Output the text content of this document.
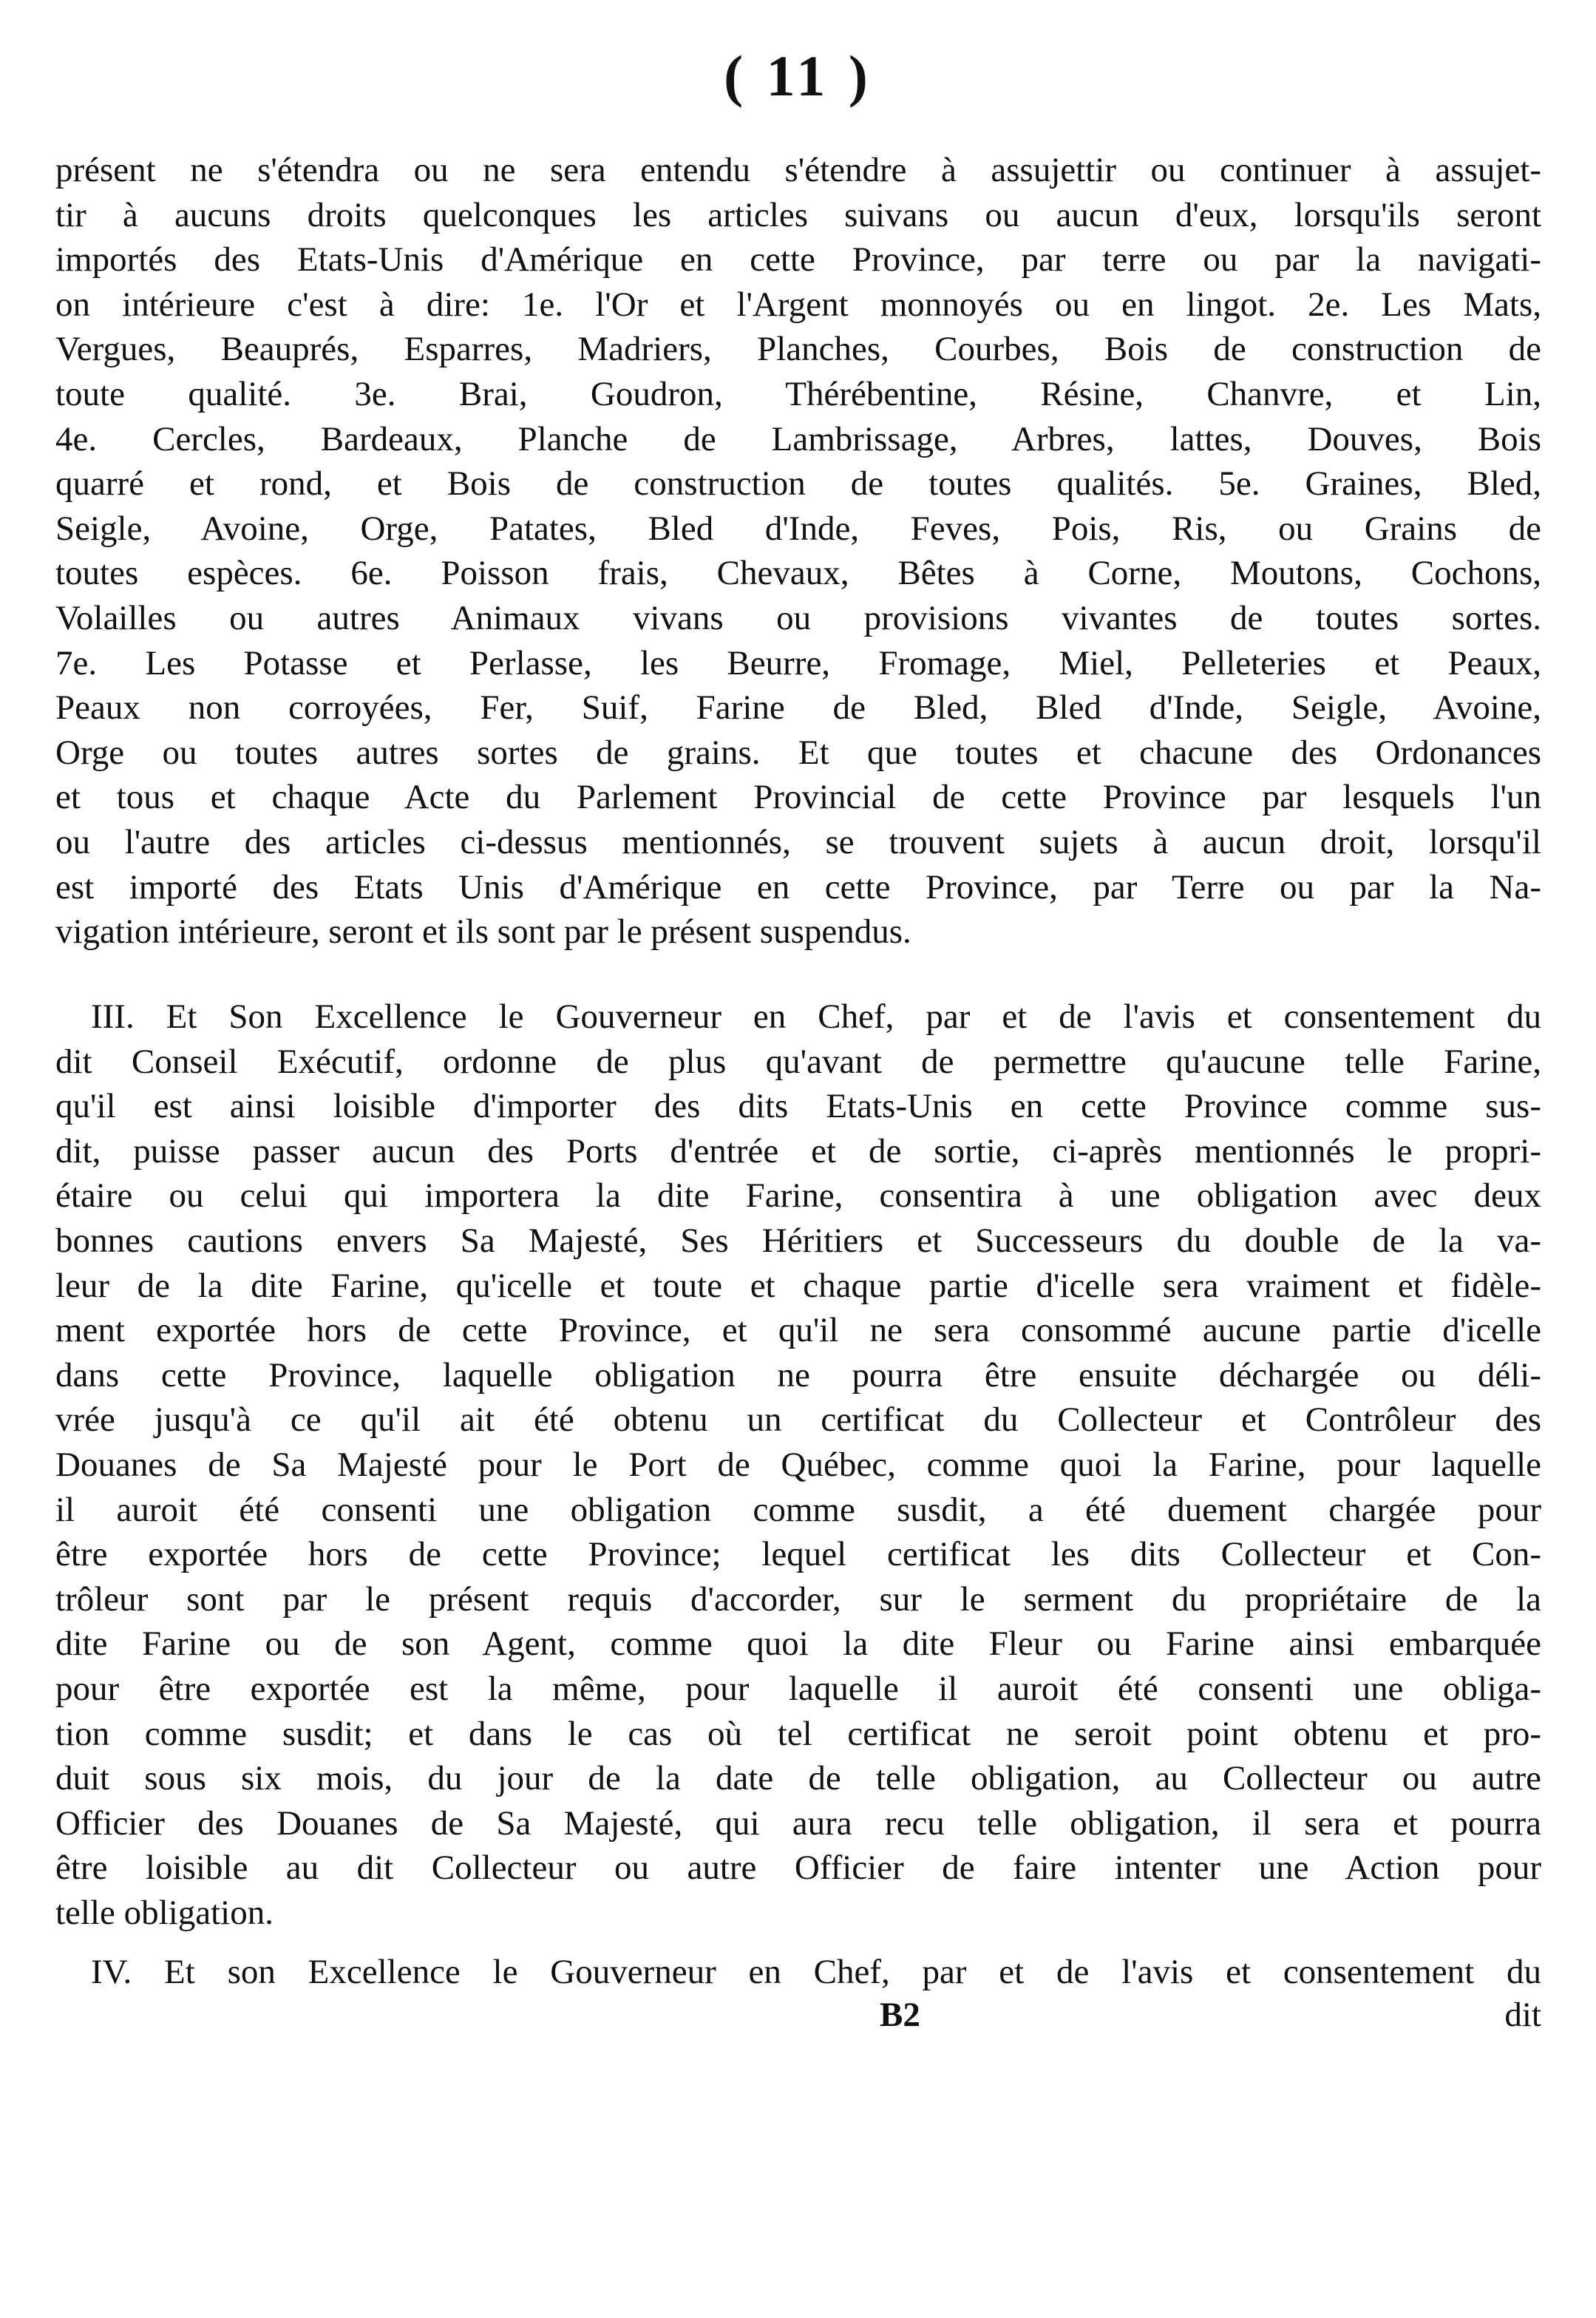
( 11 )
présent ne s'étendra ou ne sera entendu s'étendre à assujettir ou continuer à assujet-
tir à aucuns droits quelconques les articles suivans ou aucun d'eux, lorsqu'ils seront
importés des Etats-Unis d'Amérique en cette Province, par terre ou par la navigati-
on intérieure c'est à dire: 1e. l'Or et l'Argent monnoyés ou en lingot. 2e. Les Mats,
Vergues, Beauprés, Esparres, Madriers, Planches, Courbes, Bois de construction de
toute qualité. 3e. Brai, Goudron, Thérébentine, Résine, Chanvre, et Lin,
4e. Cercles, Bardeaux, Planche de Lambrissage, Arbres, lattes, Douves, Bois
quarré et rond, et Bois de construction de toutes qualités. 5e. Graines, Bled,
Seigle, Avoine, Orge, Patates, Bled d'Inde, Feves, Pois, Ris, ou Grains de
toutes espèces. 6e. Poisson frais, Chevaux, Bêtes à Corne, Moutons, Cochons,
Volailles ou autres Animaux vivans ou provisions vivantes de toutes sortes.
7e. Les Potasse et Perlasse, les Beurre, Fromage, Miel, Pelleteries et Peaux,
Peaux non corroyées, Fer, Suif, Farine de Bled, Bled d'Inde, Seigle, Avoine,
Orge ou toutes autres sortes de grains. Et que toutes et chacune des Ordonances
et tous et chaque Acte du Parlement Provincial de cette Province par lesquels l'un
ou l'autre des articles ci-dessus mentionnés, se trouvent sujets à aucun droit, lorsqu'il
est importé des Etats Unis d'Amérique en cette Province, par Terre ou par la Na-
vigation intérieure, seront et ils sont par le présent suspendus.
III. Et Son Excellence le Gouverneur en Chef, par et de l'avis et consentement du
dit Conseil Exécutif, ordonne de plus qu'avant de permettre qu'aucune telle Farine,
qu'il est ainsi loisible d'importer des dits Etats-Unis en cette Province comme sus-
dit, puisse passer aucun des Ports d'entrée et de sortie, ci-après mentionnés le propri-
étaire ou celui qui importera la dite Farine, consentira à une obligation avec deux
bonnes cautions envers Sa Majesté, Ses Héritiers et Successeurs du double de la va-
leur de la dite Farine, qu'icelle et toute et chaque partie d'icelle sera vraiment et fidèle-
ment exportée hors de cette Province, et qu'il ne sera consommé aucune partie d'icelle
dans cette Province, laquelle obligation ne pourra être ensuite déchargée ou déli-
vrée jusqu'à ce qu'il ait été obtenu un certificat du Collecteur et Contrôleur des
Douanes de Sa Majesté pour le Port de Québec, comme quoi la Farine, pour laquelle
il auroit été consenti une obligation comme susdit, a été duement chargée pour
être exportée hors de cette Province; lequel certificat les dits Collecteur et Con-
trôleur sont par le présent requis d'accorder, sur le serment du propriétaire de la
dite Farine ou de son Agent, comme quoi la dite Fleur ou Farine ainsi embarquée
pour être exportée est la même, pour laquelle il auroit été consenti une obliga-
tion comme susdit; et dans le cas où tel certificat ne seroit point obtenu et pro-
duit sous six mois, du jour de la date de telle obligation, au Collecteur ou autre
Officier des Douanes de Sa Majesté, qui aura recu telle obligation, il sera et pourra
être loisible au dit Collecteur ou autre Officier de faire intenter une Action pour
telle obligation.
IV. Et son Excellence le Gouverneur en Chef, par et de l'avis et consentement du
B2	dit
